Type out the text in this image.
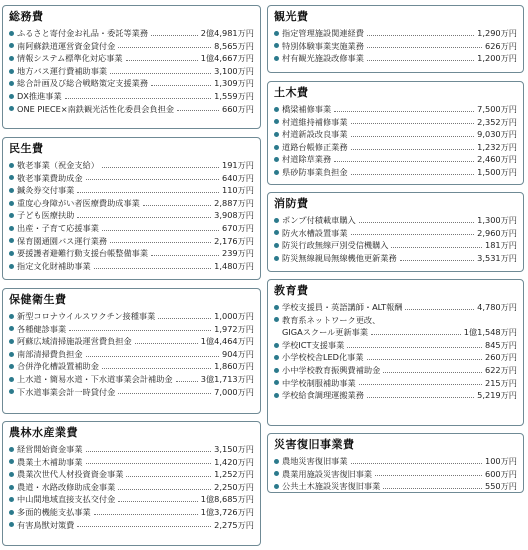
総務費
ふるさと寄付金お礼品・委託等業務	2億4,981万円
南阿蘇鉄道運営資金貸付金	8,565万円
情報システム標準化対応事業	1億4,667万円
地方バス運行費補助事業	3,100万円
総合計画及び総合戦略策定支援業務	1,309万円
DX推進事業	1,559万円
ONE PIECE×南鉄観光活性化委員会負担金	660万円
民生費
敬老事業（祝金支給）	191万円
敬老事業費助成金	640万円
鍼灸券交付事業	110万円
重度心身障がい者医療費助成事業	2,887万円
子ども医療扶助	3,908万円
出産・子育て応援事業	670万円
保育園通園バス運行業務	2,176万円
要援護者避難行動支援台帳整備事業	239万円
指定文化財補助事業	1,480万円
保健衛生費
新型コロナウイルスワクチン接種事業	1,000万円
各種健診事業	1,972万円
阿蘇広域清掃施設運営費負担金	1億4,464万円
南部清掃費負担金	904万円
合併浄化槽設置補助金	1,860万円
上水道・簡易水道・下水道事業会計補助金	3億1,713万円
下水道事業会計一時貸付金	7,000万円
農林水産業費
経営開始資金事業	3,150万円
農業土木補助事業	1,420万円
農業次世代人材投資資金事業	1,252万円
農道・水路改修助成金事業	2,250万円
中山間地域直接支払交付金	1億8,685万円
多面的機能支払事業	1億3,726万円
有害鳥獣対策費	2,275万円
観光費
指定管理施設関連経費	1,290万円
特別体験事業実施業務	626万円
村有観光施設改修事業	1,200万円
土木費
橋梁補修事業	7,500万円
村道維持補修事業	2,352万円
村道新設改良事業	9,030万円
道路台帳修正業務	1,232万円
村道除草業務	2,460万円
県砂防事業負担金	1,500万円
消防費
ポンプ付積載車購入	1,300万円
防火水槽設置事業	2,960万円
防災行政無線戸別受信機購入	181万円
防災無線親局無線機他更新業務	3,531万円
教育費
学校支援員・英語講師・ALT報酬	4,780万円
教育系ネットワーク更改、
GIGAスクール更新事業	1億1,548万円
学校ICT支援事業	845万円
小学校校舎LED化事業	260万円
小中学校教育振興費補助金	622万円
中学校制服補助事業	215万円
学校給食調理運搬業務	5,219万円
災害復旧事業費
農地災害復旧事業	100万円
農業用施設災害復旧事業	600万円
公共土木施設災害復旧事業	550万円
